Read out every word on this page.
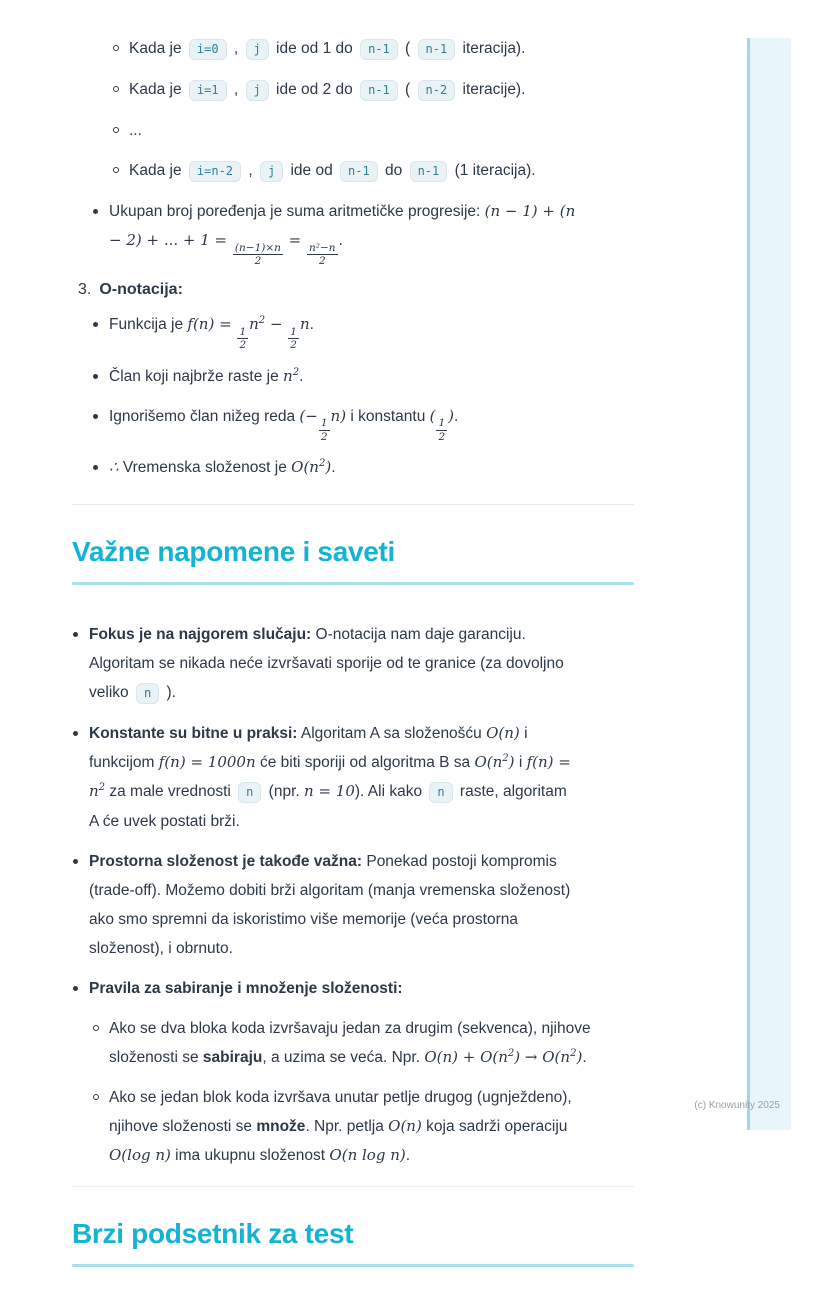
Kada je i=0 , j ide od 1 do n-1 ( n-1 iteracija).
Kada je i=1 , j ide od 2 do n-1 ( n-2 iteracije).
...
Kada je i=n-2 , j ide od n-1 do n-1 (1 iteracija).
Ukupan broj poređenja je suma aritmetičke progresije: (n − 1) + (n − 2) + ... + 1 =
$\frac{(n-1)\times n}{2}$
=
$\frac{\text{n²−n}}{2}$
.
3. O-notacija:
Funkcija je f(n) =
$\frac{1}{2}$
$n^2$ −
$\frac{1}{2}$
n.
Član koji najbrže raste je $n^2$.
Ignorišemo član nižeg reda (−
$\frac{1}{2}$
n) i konstantu (
$\frac{1}{2}$
).
∴ Vremenska složenost je $O(n^2)$.
Važne napomene i saveti
Fokus je na najgorem slučaju: O-notacija nam daje garanciju. Algoritam se nikada neće izvršavati sporije od te granice (za dovoljno veliko n ).
Konstante su bitne u praksi: Algoritam A sa složenošću O(n) i funkcijom f(n) = 1000n će biti sporiji od algoritma B sa $O(n^2)$ i $f(n) = n^2$ za male vrednosti n (npr. n = 10). Ali kako n raste, algoritam A će uvek postati brži.
Prostorna složenost je takođe važna: Ponekad postoji kompromis (trade-off). Možemo dobiti brži algoritam (manja vremenska složenost) ako smo spremni da iskoristimo više memorije (veća prostorna složenost), i obrnuto.
Pravila za sabiranje i množenje složenosti:
Ako se dva bloka koda izvršavaju jedan za drugim (sekvenca), njihove složenosti se sabiraju, a uzima se veća. Npr. $O(n) + O(n^2) \to O(n^2)$.
Ako se jedan blok koda izvršava unutar petlje drugog (ugnježdeno), njihove složenosti se množe. Npr. petlja O(n) koja sadrži operaciju O(log n) ima ukupnu složenost O(n log n).
Brzi podsetnik za test
(c) Knowunity 2025
